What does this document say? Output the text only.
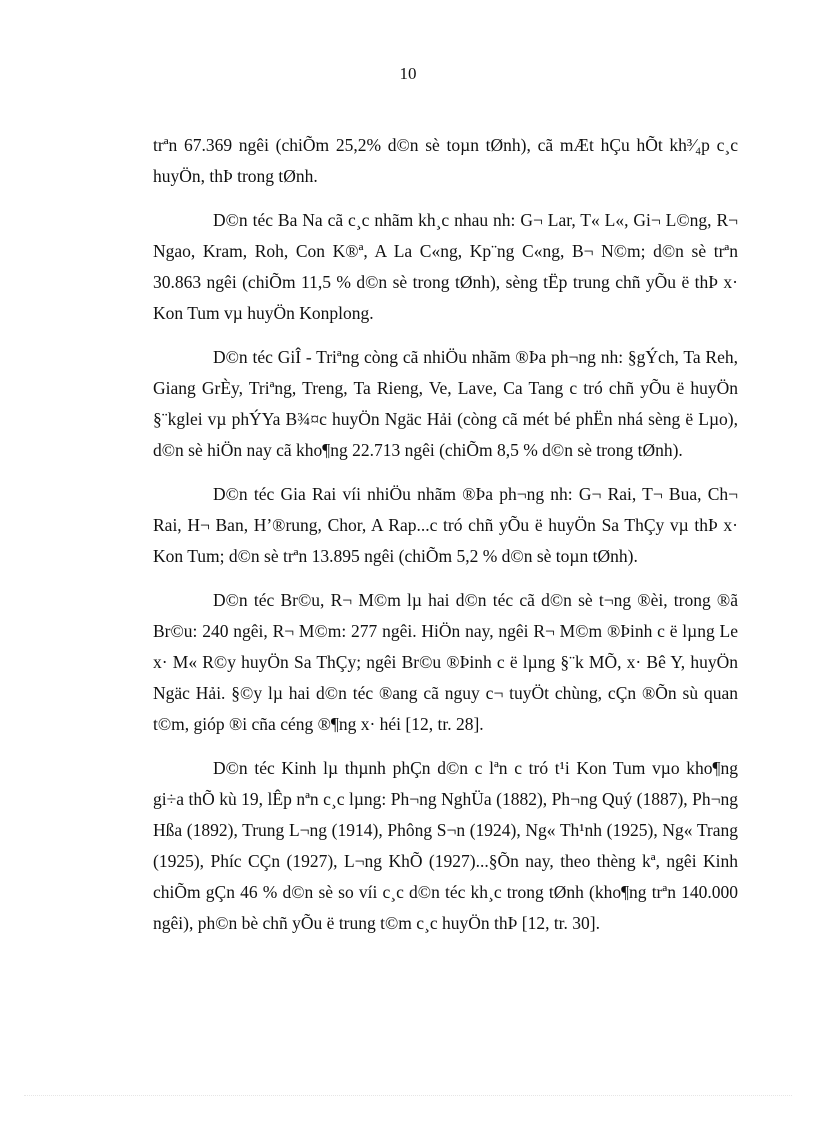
10

trªn 67.369 ngêi (chiÕm 25,2% d©n sè toµn tØnh), cã mÆt hÇu hÕt kh³⁄₄p c¸c huyÖn, thÞ trong tØnh.

D©n téc Ba Na cã c¸c nhãm kh¸c nhau nh: G¬ Lar, T« L«, Gi¬ L©ng, R¬ Ngao, Kram, Roh, Con K®ª, A La C«ng, Kp¨ng C«ng, B¬ N©m; d©n sè trªn 30.863 ngêi (chiÕm 11,5 % d©n sè trong tØnh), sèng tËp trung chñ yÕu ë thÞ x· Kon Tum vµ huyÖn Konplong.

D©n téc GiÎ - Triªng còng cã nhiÖu nhãm ®Þa ph¬ng nh: §gÝch, Ta Reh, Giang GrÈy, Triªng, Treng, Ta Rieng, Ve, Lave, Ca Tang c tró chñ yÕu ë huyÖn §¨kglei vµ phÝYa B¾¤c huyÖn Ngäc Hải (còng cã mét bé phËn nhá sèng ë Lµo), d©n sè hiÖn nay cã kho¶ng 22.713 ngêi (chiÕm 8,5 % d©n sè trong tØnh).

D©n téc Gia Rai víi nhiÖu nhãm ®Þa ph¬ng nh: G¬ Rai, T¬ Bua, Ch¬ Rai, H¬ Ban, H’®rung, Chor, A Rap...c tró chñ yÕu ë huyÖn Sa ThÇy vµ thÞ x· Kon Tum; d©n sè trªn 13.895 ngêi (chiÕm 5,2 % d©n sè toµn tØnh).

D©n téc Br©u, R¬ M©m lµ hai d©n téc cã d©n sè t¬ng ®èi, trong ®ã Br©u: 240 ngêi, R¬ M©m: 277 ngêi. HiÖn nay, ngêi R¬ M©m ®Þinh c ë lµng Le x· M« R©y huyÖn Sa ThÇy; ngêi Br©u ®Þinh c ë lµng §¨k MÕ, x· Bê Y, huyÖn Ngäc Hải. §©y lµ hai d©n téc ®ang cã nguy c¬ tuyÖt chùng, cÇn ®Õn sù quan t©m, gióp ®i cña céng ®¶ng x· héi [12, tr. 28].

D©n téc Kinh lµ thµnh phÇn d©n c lªn c tró t¹i Kon Tum vµo kho¶ng gi÷a thÕ kù 19, lÊp nªn c¸c lµng: Ph¬ng NghÜa (1882), Ph¬ng Quý (1887), Ph¬ng Hßa (1892), Trung L¬ng (1914), Phông S¬n (1924), Ng« Th¹nh (1925), Ng« Trang (1925), Phíc CÇn (1927), L¬ng KhÕ (1927)...§Õn nay, theo thèng kª, ngêi Kinh chiÕm gÇn 46 % d©n sè so víi c¸c d©n téc kh¸c trong tØnh (kho¶ng trªn 140.000 ngêi), ph©n bè chñ yÕu ë trung t©m c¸c huyÖn thÞ [12, tr. 30].
